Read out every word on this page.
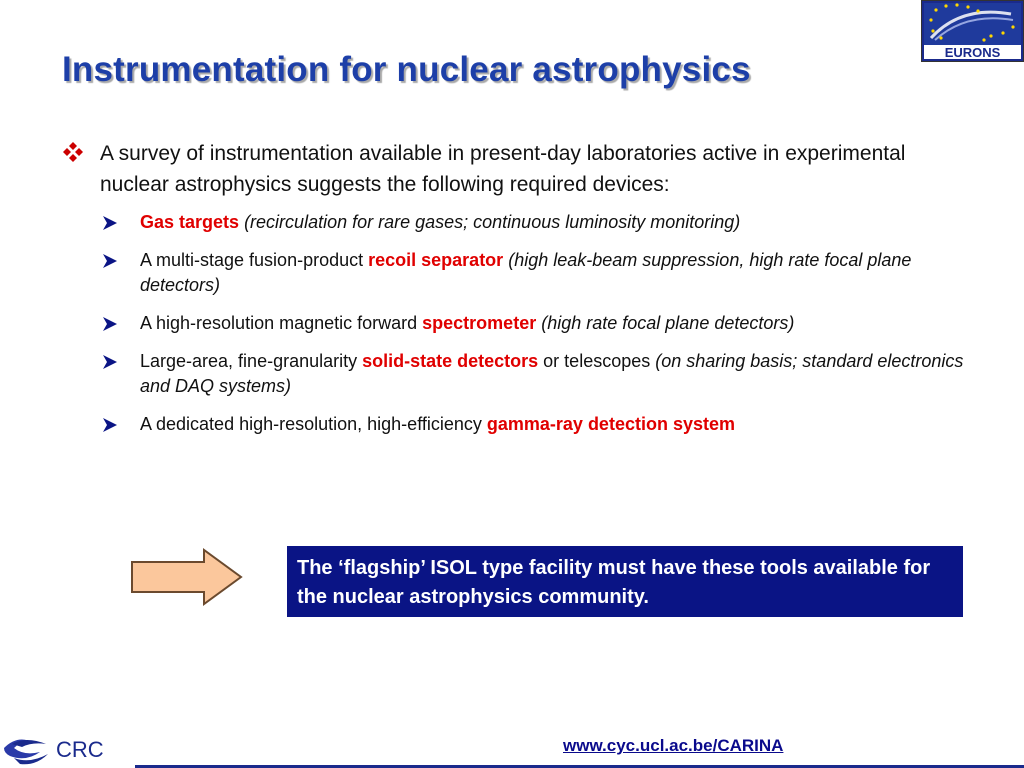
EURONS
Instrumentation for nuclear astrophysics
A survey of instrumentation available in present-day laboratories active in experimental nuclear astrophysics suggests the following required devices:
Gas targets (recirculation for rare gases; continuous luminosity monitoring)
A multi-stage fusion-product recoil separator (high leak-beam suppression, high rate focal plane detectors)
A high-resolution magnetic forward spectrometer (high rate focal plane detectors)
Large-area, fine-granularity solid-state detectors or telescopes (on sharing basis; standard electronics and DAQ systems)
A dedicated high-resolution, high-efficiency gamma-ray detection system
The ‘flagship’ ISOL type facility must have these tools available for the nuclear astrophysics community.
CRC	www.cyc.ucl.ac.be/CARINA
